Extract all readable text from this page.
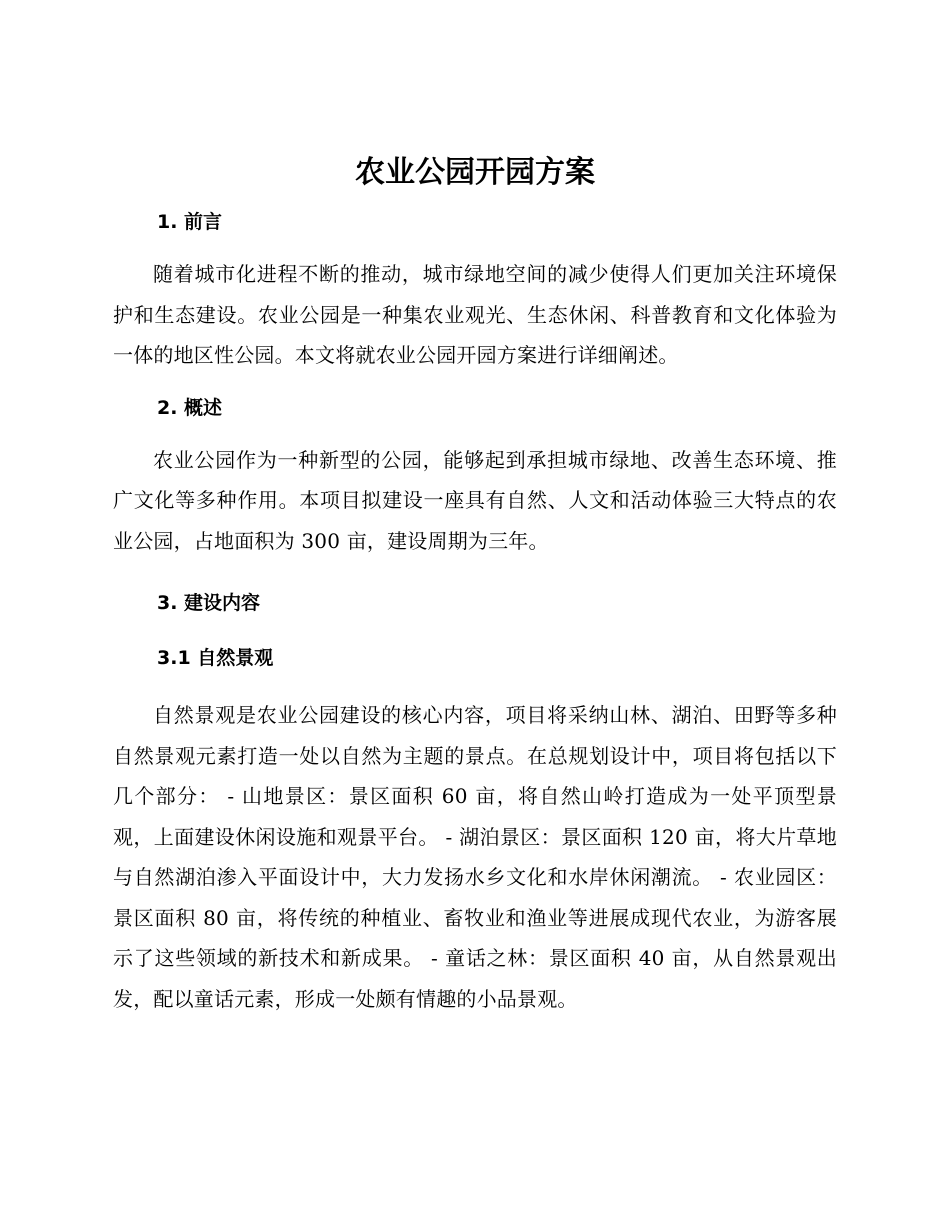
农业公园开园方案
1. 前言

随着城市化进程不断的推动，城市绿地空间的减少使得人们更加关注环境保护和生态建设。农业公园是一种集农业观光、生态休闲、科普教育和文化体验为一体的地区性公园。本文将就农业公园开园方案进行详细阐述。

2. 概述

农业公园作为一种新型的公园，能够起到承担城市绿地、改善生态环境、推广文化等多种作用。本项目拟建设一座具有自然、人文和活动体验三大特点的农业公园，占地面积为 300 亩，建设周期为三年。

3. 建设内容
3.1 自然景观

自然景观是农业公园建设的核心内容，项目将采纳山林、湖泊、田野等多种自然景观元素打造一处以自然为主题的景点。在总规划设计中，项目将包括以下几个部分： - 山地景区：景区面积 60 亩，将自然山岭打造成为一处平顶型景观，上面建设休闲设施和观景平台。 - 湖泊景区：景区面积 120 亩，将大片草地与自然湖泊渗入平面设计中，大力发扬水乡文化和水岸休闲潮流。 - 农业园区：景区面积 80 亩，将传统的种植业、畜牧业和渔业等进展成现代农业，为游客展示了这些领域的新技术和新成果。 - 童话之林：景区面积 40 亩，从自然景观出发，配以童话元素，形成一处颇有情趣的小品景观。
